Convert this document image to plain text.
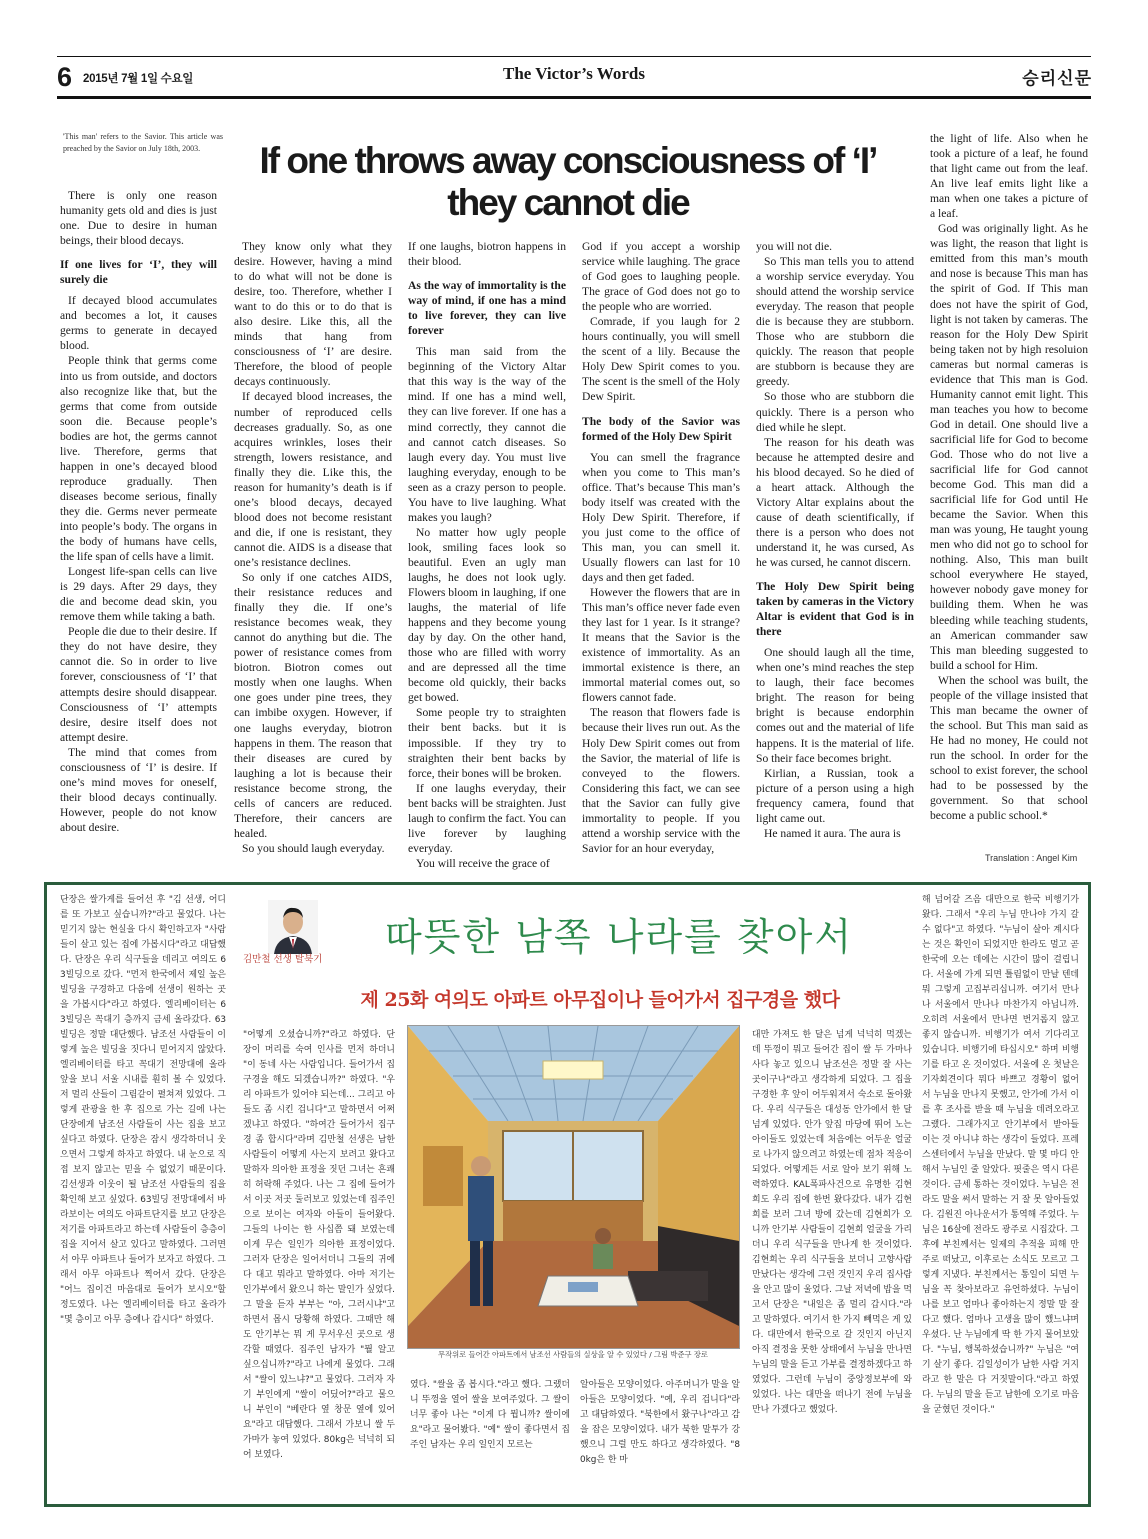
6 2015년 7월 1일 수요일	The Victor’s Words	승리신문
'This man' refers to the Savior. This article was preached by the Savior on July 18th, 2003.	If one throws away consciousness of ‘I’
they cannot die

There is only one reason humanity gets old and dies is just one. Due to desire in human beings, their blood decays.

If one lives for ‘I’, they will surely die

If decayed blood accumulates and becomes a lot, it causes germs to generate in decayed blood.

People think that germs come into us from outside, and doctors also recognize like that, but the germs that come from outside soon die. Because people’s bodies are hot, the germs cannot live. Therefore, germs that happen in one’s decayed blood reproduce gradually. Then diseases become serious, finally they die. Germs never permeate into people’s body. The organs in the body of humans have cells, the life span of cells have a limit.

Longest life-span cells can live is 29 days. After 29 days, they die and become dead skin, you remove them while taking a bath.

People die due to their desire. If they do not have desire, they cannot die. So in order to live forever, consciousness of ‘I’ that attempts desire should disappear. Consciousness of ‘I’ attempts desire, desire itself does not attempt desire.

The mind that comes from consciousness of ‘I’ is desire. If one’s mind moves for oneself, their blood decays continually. However, people do not know about desire.

They know only what they desire. However, having a mind to do what will not be done is desire, too. Therefore, whether I want to do this or to do that is also desire. Like this, all the minds that hang from consciousness of ‘I’ are desire. Therefore, the blood of people decays continuously.

If decayed blood increases, the number of reproduced cells decreases gradually. So, as one acquires wrinkles, loses their strength, lowers resistance, and finally they die. Like this, the reason for humanity’s death is if one’s blood decays, decayed blood does not become resistant and die, if one is resistant, they cannot die. AIDS is a disease that one’s resistance declines.

So only if one catches AIDS, their resistance reduces and finally they die. If one’s resistance becomes weak, they cannot do anything but die. The power of resistance comes from biotron. Biotron comes out mostly when one laughs. When one goes under pine trees, they can imbibe oxygen. However, if one laughs everyday, biotron happens in them. The reason that their diseases are cured by laughing a lot is because their resistance become strong, the cells of cancers are reduced. Therefore, their cancers are healed.

So you should laugh everyday.

If one laughs, biotron happens in their blood.

As the way of immortality is the way of mind, if one has a mind to live forever, they can live forever

This man said from the beginning of the Victory Altar that this way is the way of the mind. If one has a mind well, they can live forever. If one has a mind correctly, they cannot die and cannot catch diseases. So laugh every day. You must live laughing everyday, enough to be seen as a crazy person to people. You have to live laughing. What makes you laugh?

No matter how ugly people look, smiling faces look so beautiful. Even an ugly man laughs, he does not look ugly. Flowers bloom in laughing, if one laughs, the material of life happens and they become young day by day. On the other hand, those who are filled with worry and are depressed all the time become old quickly, their backs get bowed.

Some people try to straighten their bent backs. but it is impossible. If they try to straighten their bent backs by force, their bones will be broken.

If one laughs everyday, their bent backs will be straighten. Just laugh to confirm the fact. You can live forever by laughing everyday.

You will receive the grace of

God if you accept a worship service while laughing. The grace of God goes to laughing people. The grace of God does not go to the people who are worried.

Comrade, if you laugh for 2 hours continually, you will smell the scent of a lily. Because the Holy Dew Spirit comes to you. The scent is the smell of the Holy Dew Spirit.

The body of the Savior was formed of the Holy Dew Spirit

You can smell the fragrance when you come to This man’s office. That’s because This man’s body itself was created with the Holy Dew Spirit. Therefore, if you just come to the office of This man, you can smell it. Usually flowers can last for 10 days and then get faded.

However the flowers that are in This man’s office never fade even they last for 1 year. Is it strange? It means that the Savior is the existence of immortality. As an immortal existence is there, an immortal material comes out, so flowers cannot fade.

The reason that flowers fade is because their lives run out. As the Holy Dew Spirit comes out from the Savior, the material of life is conveyed to the flowers. Considering this fact, we can see that the Savior can fully give immortality to people. If you attend a worship service with the Savior for an hour everyday,

you will not die.

So This man tells you to attend a worship service everyday. You should attend the worship service everyday. The reason that people die is because they are stubborn. Those who are stubborn die quickly. The reason that people are stubborn is because they are greedy.

So those who are stubborn die quickly. There is a person who died while he slept.

The reason for his death was because he attempted desire and his blood decayed. So he died of a heart attack. Although the Victory Altar explains about the cause of death scientifically, if there is a person who does not understand it, he was cursed, As he was cursed, he cannot discern.

The Holy Dew Spirit being taken by cameras in the Victory Altar is evident that God is in there

One should laugh all the time, when one’s mind reaches the step to laugh, their face becomes bright. The reason for being bright is because endorphin comes out and the material of life happens. It is the material of life. So their face becomes bright.

Kirlian, a Russian, took a picture of a person using a high frequency camera, found that light came out.

He named it aura. The aura is

the light of life. Also when he took a picture of a leaf, he found that light came out from the leaf. An live leaf emits light like a man when one takes a picture of a leaf.

God was originally light. As he was light, the reason that light is emitted from this man’s mouth and nose is because This man has the spirit of God. If This man does not have the spirit of God, light is not taken by cameras. The reason for the Holy Dew Spirit being taken not by high resoluion cameras but normal cameras is evidence that This man is God. Humanity cannot emit light. This man teaches you how to become God in detail. One should live a sacrificial life for God to become God. Those who do not live a sacrificial life for God cannot become God. This man did a sacrificial life for God until He became the Savior. When this man was young, He taught young men who did not go to school for nothing. Also, This man built school everywhere He stayed, however nobody gave money for building them. When he was bleeding while teaching students, an American commander saw This man bleeding suggested to build a school for Him.

When the school was built, the people of the village insisted that This man became the owner of the school. But This man said as He had no money, He could not run the school. In order for the school to exist forever, the school had to be possessed by the government. So that school become a public school.*

Translation : Angel Kim
단장은 쌀가게를 들어선 후 "김 선생, 어디를 또 가보고 싶습니까?"라고 물었다. 나는 믿기지 않는 현실을 다시 확인하고자 "사람들이 살고 있는 집에 가봅시다"라고 대답했다. 단장은 우리 식구들을 데리고 여의도 63빌딩으로 갔다. "먼저 한국에서 제일 높은 빌딩을 구경하고 다음에 선생이 원하는 곳을 가봅시다"라고 하였다. 엘리베이터는 63빌딩은 꼭대기 층까지 금세 올라갔다. 63빌딩은 정말 대단했다. 남조선 사람들이 이렇게 높은 빌딩을 짓다니 믿어지지 않았다. 엘리베이터를 타고 꼭대기 전망대에 올라 앞을 보니 서울 시내를 훤히 볼 수 있었다. 저 멀리 산들이 그림같이 펼쳐져 있었다. 그렇게 관광을 한 후 집으로 가는 길에 나는 단장에게 남조선 사람들이 사는 집을 보고 싶다고 하였다. 단장은 잠시 생각하더니 웃으면서 그렇게 하자고 하였다. 내 눈으로 직접 보지 않고는 믿을 수 없었기 때문이다. 김선생과 이웃이 될 남조선 사람들의 집을 확인해 보고 싶었다. 63빌딩 전망대에서 바라보이는 여의도 아파트단지를 보고 단장은 저기를 아파트라고 하는데 사람들이 층층이 집을 지어서 살고 있다고 말하였다. 그러면서 아무 아파트나 들어가 보자고 하였다. 그래서 아무 아파트나 찍어서 갔다. 단장은 "어느 집이건 마음대로 들어가 보시오"할 정도였다. 나는 엘리베이터를 타고 올라가 "몇 층이고 아무 층에나 갑시다" 하였다.
김만철 선생 탈북기
따뜻한 남쪽 나라를 찾아서
제 25화 여의도 아파트 아무집이나 들어가서 집구경을 했다
"어떻게 오셨습니까?"라고 하였다. 단장이 머리를 숙여 인사를 먼저 하더니 "이 동네 사는 사람입니다. 들어가서 집구경을 해도 되겠습니까?" 하였다. "우리 아파트가 있어야 되는데... 그리고 아들도 좀 시킨 겁니다"고 말하면서 어쩌겠냐고 하였다. "하여간 들어가서 집구경 좀 합시다"라며 김만철 선생은 남한 사람들이 어떻게 사는지 보려고 왔다고 말하자 의아한 표정을 짓던 그녀는 흔쾌히 허락해 주었다. 나는 그 집에 들어가서 이곳 저곳 둘러보고 있었는데 집주인으로 보이는 여자와 아들이 들어왔다. 그들의 나이는 한 사십쯤 돼 보였는데 이게 무슨 일인가 의아한 표정이었다. 그러자 단장은 일어서더니 그들의 귀에다 대고 뭐라고 말하였다. 아마 저기는 인가부에서 왔으니 하는 말인가 싶었다. 그 말을 듣자 부부는 "아, 그러시냐"고 하면서 몹시 당황해 하였다. 그때만 해도 안기부는 뭐 게 무서우신 곳으로 생각할 때였다. 집주인 남자가 "뭘 알고 싶으십니까?"라고 나에게 물었다. 그래서 "쌀이 있느냐?"고 물었다. 그러자 자기 부인에게 "쌀이 어딨어?"라고 물으니 부인이 "베란다 옆 창문 옆에 있어요"라고 대답했다. 그래서 가보니 쌀 두 가마가 놓여 있었다. 80kg은 넉넉히 되어 보였다.
무작위로 들어간 아파트에서 남조선 사람들의 실상을 알 수 있었다 / 그림 박준구 장로
였다. "쌀을 좀 봅시다."라고 했다. 그랬더니 뚜껑을 열어 쌀을 보여주었다. 그 쌀이 너무 좋아 나는 "이게 다 뭡니까? 쌀이에요"라고 물어봤다. "예" 쌀이 좋다면서 집주인 남자는 우리 일인지 모르는
알아들은 모양이었다. 아주머니가 말을 알아들은 모양이었다. "예, 우리 겁니다"라고 대답하였다. "북한에서 왔구나"라고 감을 잡은 모양이었다. 내가 북한 말투가 강했으니 그럴 만도 하다고 생각하였다. "80kg은 한 마
대만 가져도 한 달은 넘게 넉넉히 먹겠는데 뚜껑이 뭐고 들어간 집이 쌀 두 가마나 사다 놓고 있으니 남조선은 정말 잘 사는 곳이구나"라고 생각하게 되었다. 그 집을 구경한 후 앞이 어두워져서 숙소로 돌아왔다. 우리 식구들은 대성동 안가에서 한 달 넘게 있었다. 안가 앞집 마당에 뛰어 노는 아이들도 있었는데 처음에는 어두운 얼굴로 나가지 않으려고 하였는데 점차 적응이 되었다. 어떻게든 서로 알아 보기 위해 노력하였다. KAL폭파사건으로 유명한 김현희도 우리 집에 한번 왔다갔다. 내가 김현희를 보러 그녀 방에 갔는데 김현희가 오니까 안기부 사람들이 김현희 얼굴을 가리더니 우리 식구들을 만나게 한 것이었다. 김현희는 우리 식구들을 보더니 고향사람 만났다는 생각에 그런 것인지 우리 집사람을 안고 많이 울었다. 그날 저녁에 밥을 먹고서 단장은 "내일은 좀 멀리 갑시다."라고 말하였다. 여기서 한 가지 빼먹은 게 있다. 대만에서 한국으로 갈 것인지 아닌지 아직 결정을 못한 상태에서 누님을 만나면 누님의 말을 듣고 가부를 결정하겠다고 하였었다. 그런데 누님이 중앙정보부에 와 있었다. 나는 대만을 떠나기 전에 누님을 만나 가겠다고 했었다.
해 넘어갈 즈음 대만으로 한국 비행기가 왔다. 그래서 "우리 누님 만나야 가지 갈 수 없다"고 하였다. "누님이 살아 계시다는 것은 확인이 되었지만 한라도 멀고 곧 한국에 오는 데에는 시간이 많이 걸립니다. 서울에 가게 되면 틀림없이 만날 텐데 뭐 그렇게 고집부리십니까. 여기서 만나나 서울에서 만나나 마찬가지 아닙니까. 오히려 서울에서 만나면 번거롭지 않고 좋지 않습니까. 비행기가 여서 기다리고 있습니다. 비행기에 타십시오" 하며 비행기를 타고 온 것이었다. 서울에 온 첫날은 기자회견이다 뭐다 바쁘고 경황이 없어서 누님을 만나지 못했고, 안가에 가서 이를 후 조사를 받을 때 누님을 데려오라고 그랬다. 그래가지고 안기부에서 받아들이는 것 아니냐 하는 생각이 들었다. 프레스센터에서 누님을 만났다. 말 몇 마디 안 해서 누님인 줄 알았다. 핏줄은 역시 다른 것이다. 금세 통하는 것이었다. 누님은 전라도 말을 써서 말하는 거 잘 못 알아들었다. 김원진 아나운서가 통역해 주었다. 누님은 16살에 전라도 광주로 시집갔다. 그 후에 부친께서는 일제의 추적을 피해 만주로 떠났고, 이후로는 소식도 모르고 그렇게 지냈다. 부친께서는 통일이 되면 누님을 꼭 찾아보라고 유언하셨다. 누님이 나를 보고 엄마나 좋아하는지 정말 말 잘다고 했다. 엄마나 고생을 많이 했느냐며 우셨다. 난 누님에게 딱 한 가지 물어보았다. "누님, 행복하셨습니까?" 누님은 "여기 살기 좋다. 김일성이가 남한 사람 거지라고 한 말은 다 거짓말이다."라고 하였다. 누님의 말을 듣고 남한에 오기로 마음을 굳혔던 것이다."
